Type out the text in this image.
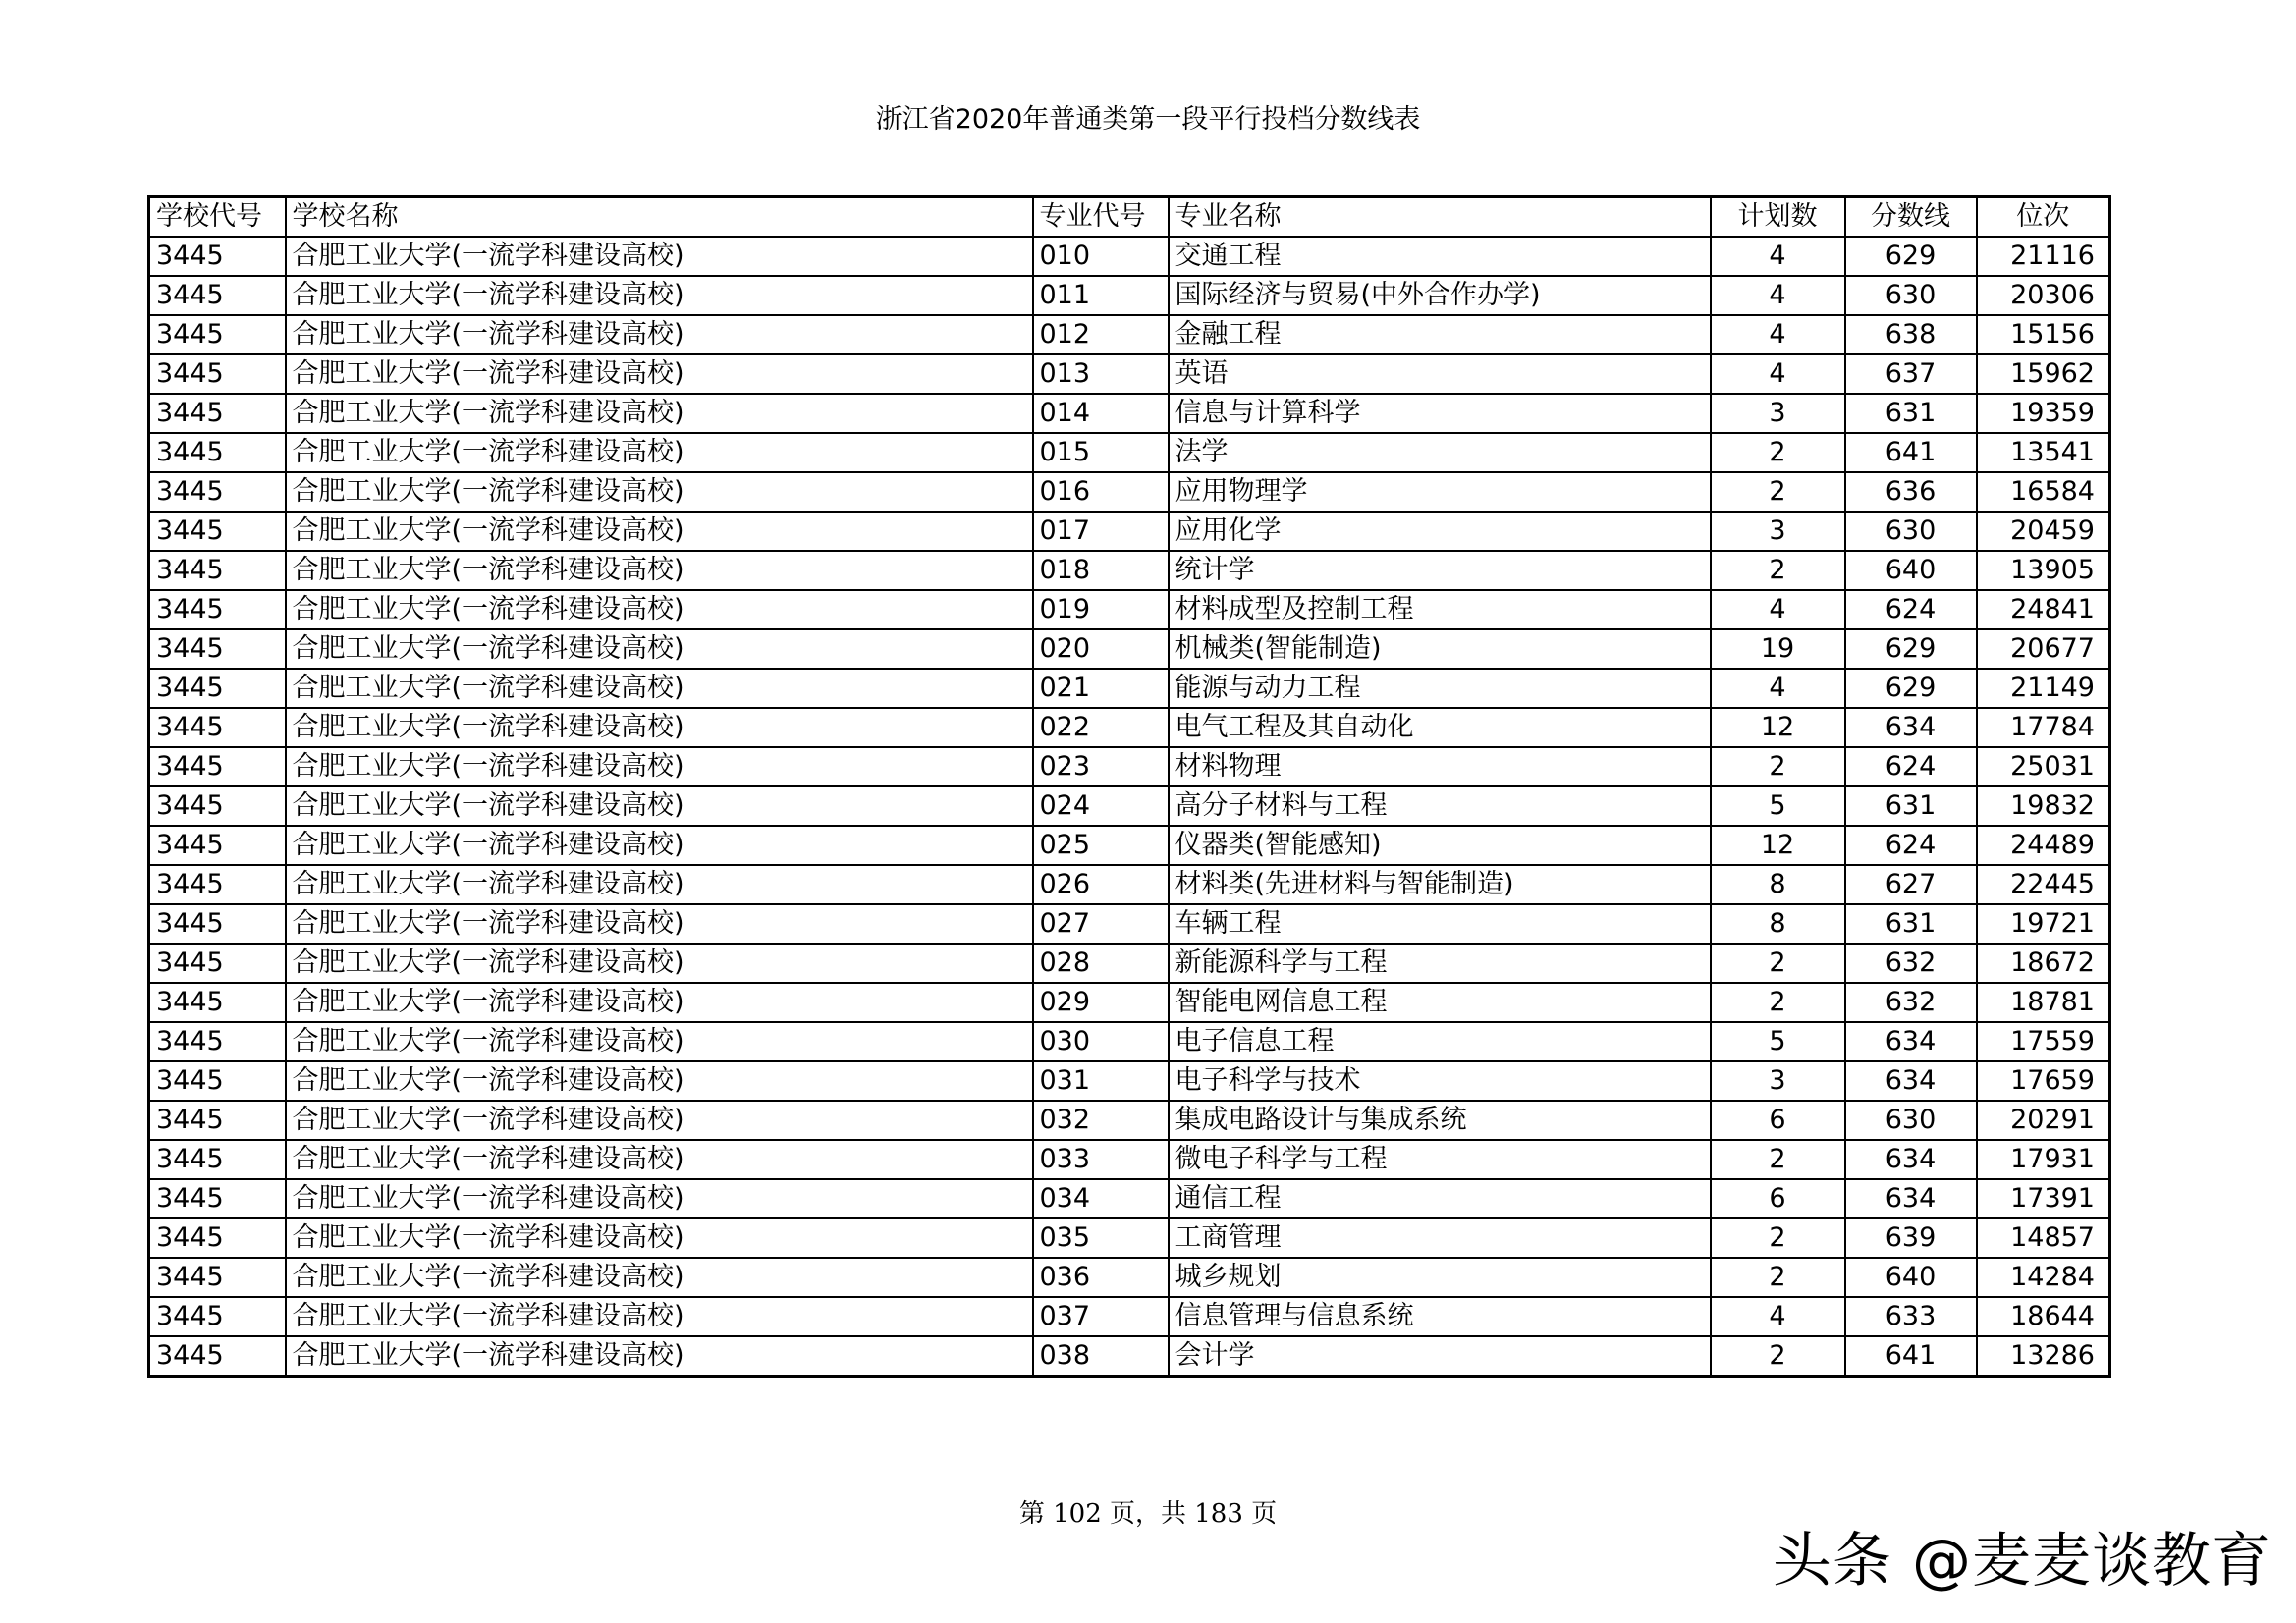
浙江省2020年普通类第一段平行投档分数线表
学校代号	学校名称	专业代号	专业名称	计划数	分数线	位次
3445	合肥工业大学(一流学科建设高校)	010	交通工程	4	629	21116
3445	合肥工业大学(一流学科建设高校)	011	国际经济与贸易(中外合作办学)	4	630	20306
3445	合肥工业大学(一流学科建设高校)	012	金融工程	4	638	15156
3445	合肥工业大学(一流学科建设高校)	013	英语	4	637	15962
3445	合肥工业大学(一流学科建设高校)	014	信息与计算科学	3	631	19359
3445	合肥工业大学(一流学科建设高校)	015	法学	2	641	13541
3445	合肥工业大学(一流学科建设高校)	016	应用物理学	2	636	16584
3445	合肥工业大学(一流学科建设高校)	017	应用化学	3	630	20459
3445	合肥工业大学(一流学科建设高校)	018	统计学	2	640	13905
3445	合肥工业大学(一流学科建设高校)	019	材料成型及控制工程	4	624	24841
3445	合肥工业大学(一流学科建设高校)	020	机械类(智能制造)	19	629	20677
3445	合肥工业大学(一流学科建设高校)	021	能源与动力工程	4	629	21149
3445	合肥工业大学(一流学科建设高校)	022	电气工程及其自动化	12	634	17784
3445	合肥工业大学(一流学科建设高校)	023	材料物理	2	624	25031
3445	合肥工业大学(一流学科建设高校)	024	高分子材料与工程	5	631	19832
3445	合肥工业大学(一流学科建设高校)	025	仪器类(智能感知)	12	624	24489
3445	合肥工业大学(一流学科建设高校)	026	材料类(先进材料与智能制造)	8	627	22445
3445	合肥工业大学(一流学科建设高校)	027	车辆工程	8	631	19721
3445	合肥工业大学(一流学科建设高校)	028	新能源科学与工程	2	632	18672
3445	合肥工业大学(一流学科建设高校)	029	智能电网信息工程	2	632	18781
3445	合肥工业大学(一流学科建设高校)	030	电子信息工程	5	634	17559
3445	合肥工业大学(一流学科建设高校)	031	电子科学与技术	3	634	17659
3445	合肥工业大学(一流学科建设高校)	032	集成电路设计与集成系统	6	630	20291
3445	合肥工业大学(一流学科建设高校)	033	微电子科学与工程	2	634	17931
3445	合肥工业大学(一流学科建设高校)	034	通信工程	6	634	17391
3445	合肥工业大学(一流学科建设高校)	035	工商管理	2	639	14857
3445	合肥工业大学(一流学科建设高校)	036	城乡规划	2	640	14284
3445	合肥工业大学(一流学科建设高校)	037	信息管理与信息系统	4	633	18644
3445	合肥工业大学(一流学科建设高校)	038	会计学	2	641	13286
第 102 页，共 183 页
头条 @麦麦谈教育
